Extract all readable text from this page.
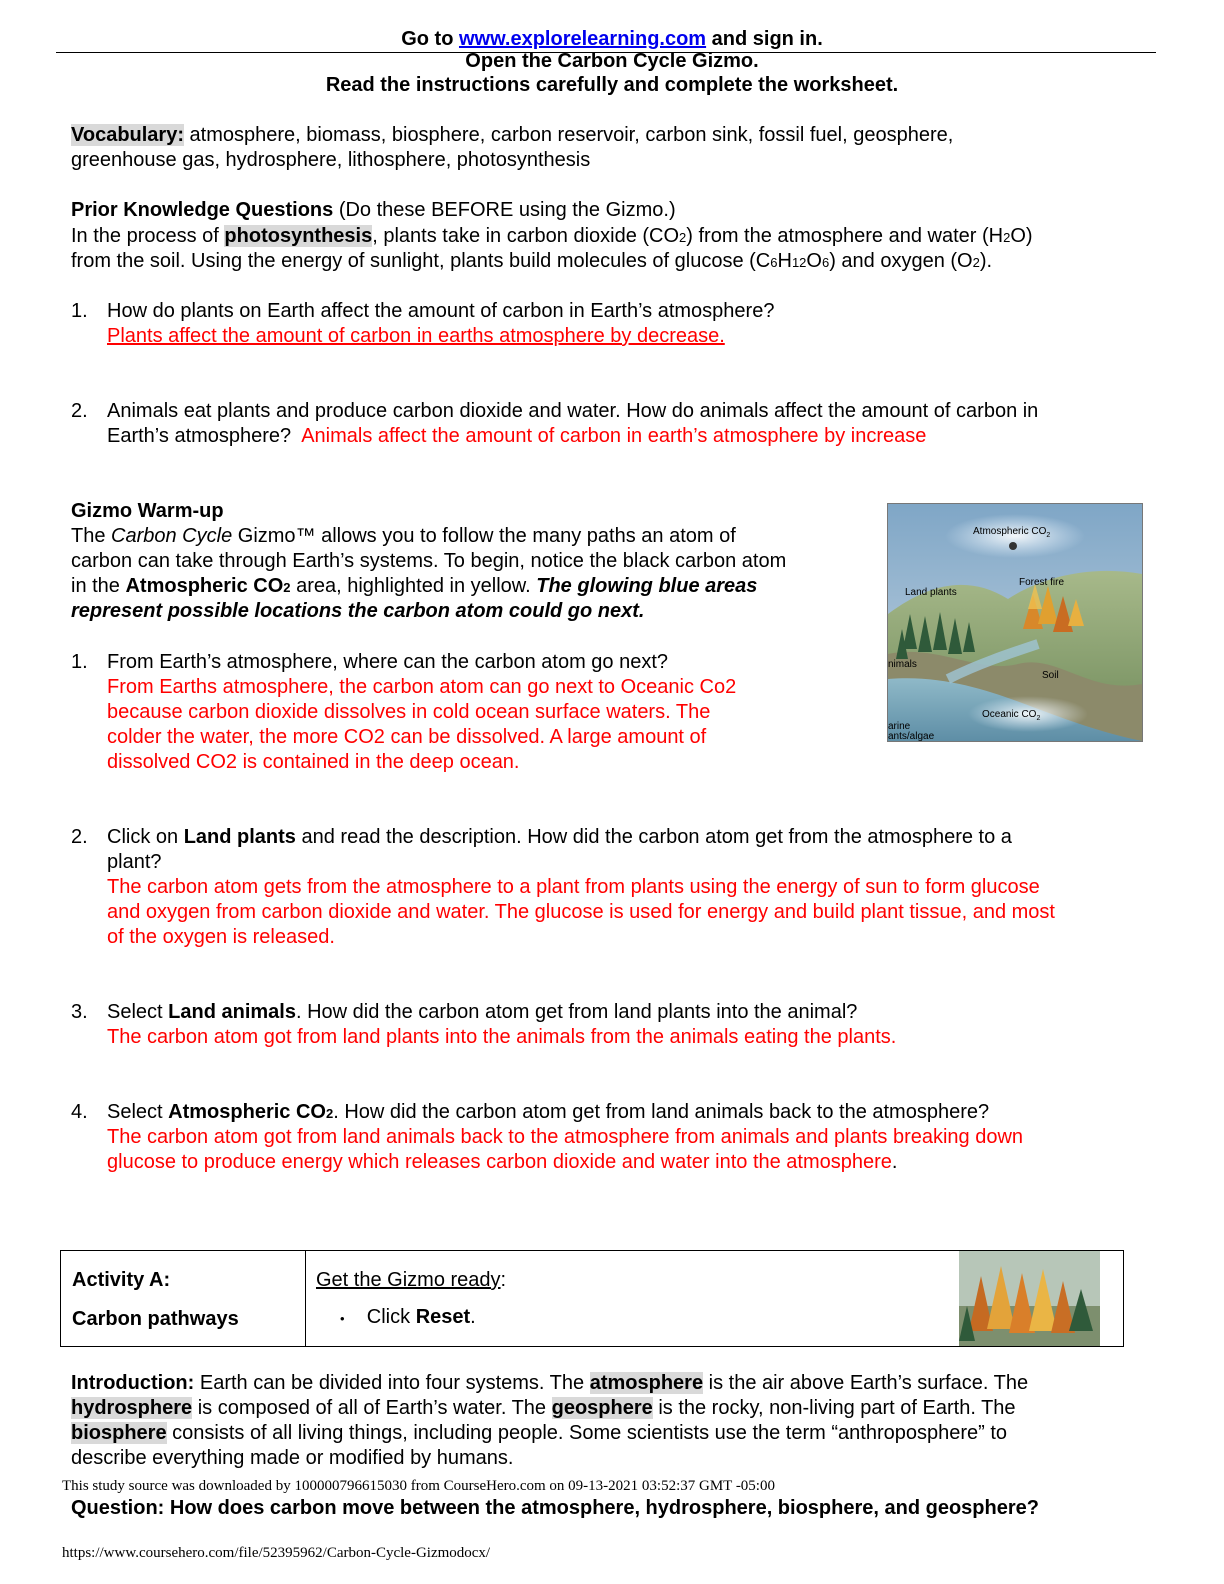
Go to www.explorelearning.com and sign in.
Open the Carbon Cycle Gizmo.
Read the instructions carefully and complete the worksheet.
Vocabulary: atmosphere, biomass, biosphere, carbon reservoir, carbon sink, fossil fuel, geosphere,
greenhouse gas, hydrosphere, lithosphere, photosynthesis
Prior Knowledge Questions (Do these BEFORE using the Gizmo.)
In the process of photosynthesis, plants take in carbon dioxide (CO2) from the atmosphere and water (H2O)
from the soil. Using the energy of sunlight, plants build molecules of glucose (C6H12O6) and oxygen (O2).
1. How do plants on Earth affect the amount of carbon in Earth’s atmosphere?
Plants affect the amount of carbon in earths atmosphere by decrease.
2. Animals eat plants and produce carbon dioxide and water. How do animals affect the amount of carbon in
Earth’s atmosphere? Animals affect the amount of carbon in earth’s atmosphere by increase
Gizmo Warm-up
The Carbon Cycle Gizmo™ allows you to follow the many paths an atom of
carbon can take through Earth’s systems. To begin, notice the black carbon atom
in the Atmospheric CO2 area, highlighted in yellow. The glowing blue areas
represent possible locations the carbon atom could go next.
Atmospheric $CO_2$
Forest fire
Land plants
nimals
Soil
Oceanic $CO_2$
arine
ants/algae
1. From Earth’s atmosphere, where can the carbon atom go next?
From Earths atmosphere, the carbon atom can go next to Oceanic Co2
because carbon dioxide dissolves in cold ocean surface waters. The
colder the water, the more CO2 can be dissolved. A large amount of
dissolved CO2 is contained in the deep ocean.
2. Click on Land plants and read the description. How did the carbon atom get from the atmosphere to a
plant?
The carbon atom gets from the atmosphere to a plant from plants using the energy of sun to form glucose
and oxygen from carbon dioxide and water. The glucose is used for energy and build plant tissue, and most
of the oxygen is released.
3. Select Land animals. How did the carbon atom get from land plants into the animal?
The carbon atom got from land plants into the animals from the animals eating the plants.
4. Select Atmospheric CO2. How did the carbon atom get from land animals back to the atmosphere?
The carbon atom got from land animals back to the atmosphere from animals and plants breaking down
glucose to produce energy which releases carbon dioxide and water into the atmosphere.
Activity A:
Carbon pathways

Get the Gizmo ready:
• Click Reset.

Introduction: Earth can be divided into four systems. The atmosphere is the air above Earth’s surface. The
hydrosphere is composed of all of Earth’s water. The geosphere is the rocky, non-living part of Earth. The
biosphere consists of all living things, including people. Some scientists use the term “anthroposphere” to
describe everything made or modified by humans.
This study source was downloaded by 100000796615030 from CourseHero.com on 09-13-2021 03:52:37 GMT -05:00
Question: How does carbon move between the atmosphere, hydrosphere, biosphere, and geosphere?
https://www.coursehero.com/file/52395962/Carbon-Cycle-Gizmodocx/
